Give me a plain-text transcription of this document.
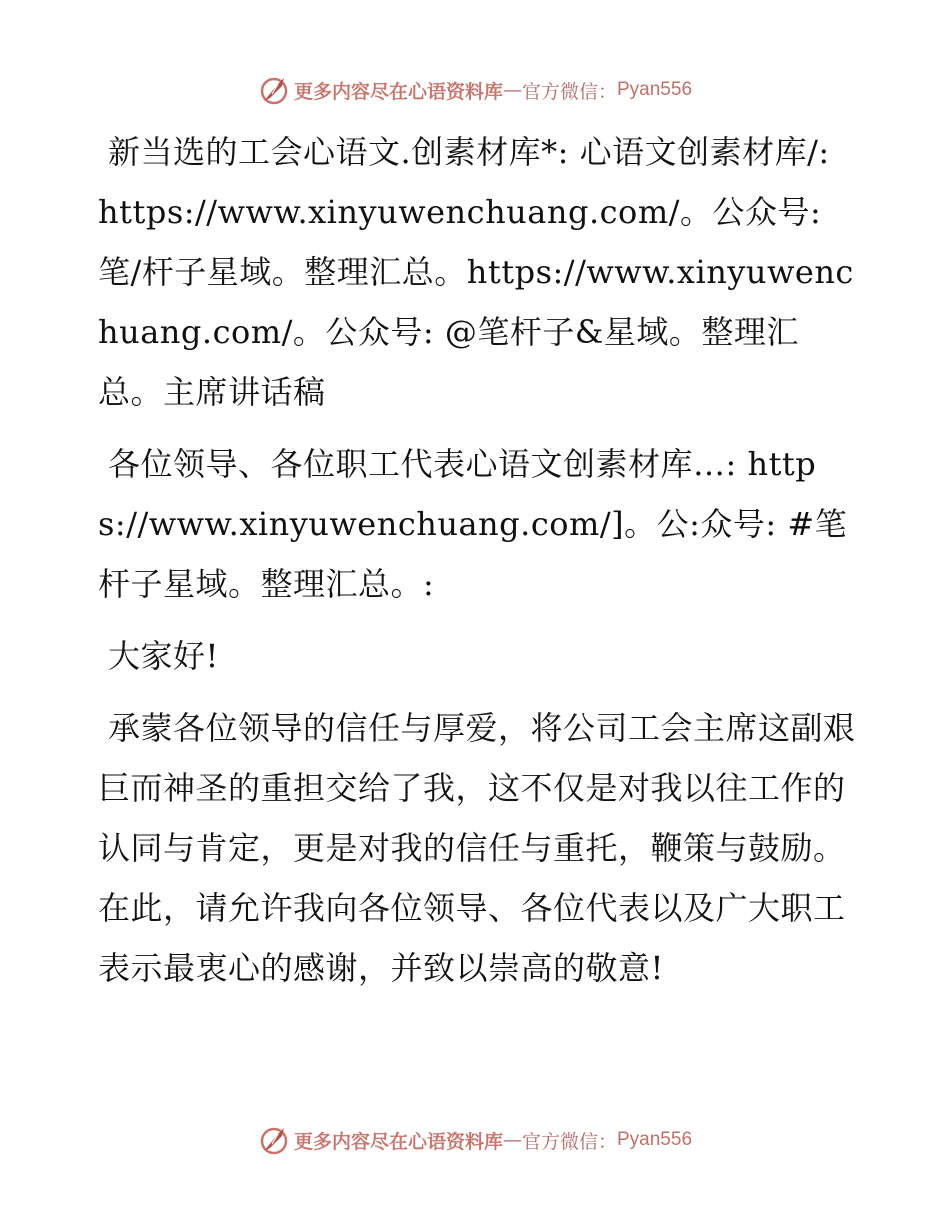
更多内容尽在心语资料库 — 官方微信： Pyan556

新当选的工会心语文.创素材库*: 心语文创素材库/: https://www.xinyuwenchuang.com/。公众号: 笔/杆子星域。整理汇总。https://www.xinyuwenchuang.com/。公众号: @笔杆子&星域。整理汇总。主席讲话稿

各位领导、各位职工代表心语文创素材库…: https://www.xinyuwenchuang.com/]。公:众号: #笔杆子星域。整理汇总。:

大家好!

承蒙各位领导的信任与厚爱，将公司工会主席这副艰巨而神圣的重担交给了我，这不仅是对我以往工作的认同与肯定，更是对我的信任与重托，鞭策与鼓励。在此，请允许我向各位领导、各位代表以及广大职工表示最衷心的感谢，并致以崇高的敬意!

更多内容尽在心语资料库 — 官方微信： Pyan556
